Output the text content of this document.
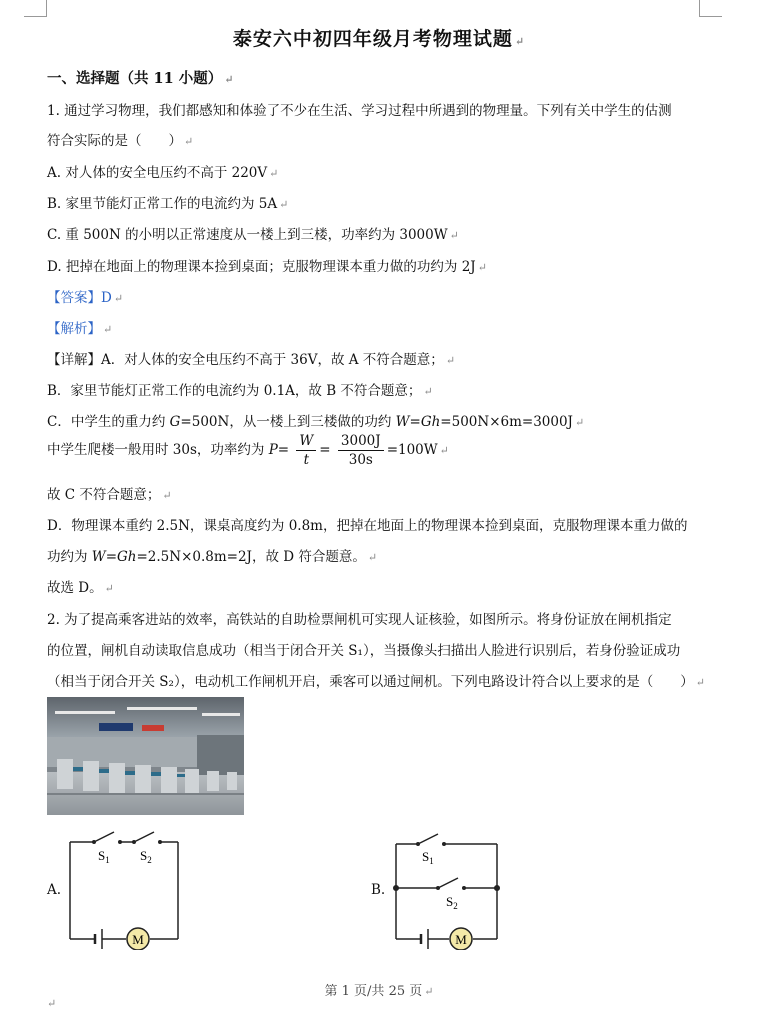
泰安六中初四年级月考物理试题 ↵
一、选择题（共 11 小题） ↵
1. 通过学习物理，我们都感知和体验了不少在生活、学习过程中所遇到的物理量。下列有关中学生的估测
符合实际的是（　　） ↵
A. 对人体的安全电压约不高于 220V ↵
B. 家里节能灯正常工作的电流约为 5A ↵
C. 重 500N 的小明以正常速度从一楼上到三楼，功率约为 3000W ↵
D. 把掉在地面上的物理课本捡到桌面；克服物理课本重力做的功约为 2J ↵
【答案】D ↵
【解析】 ↵
【详解】A．对人体的安全电压约不高于 36V，故 A 不符合题意； ↵
B．家里节能灯正常工作的电流约为 0.1A，故 B 不符合题意； ↵
C．中学生的重力约 G=500N，从一楼上到三楼做的功约 W=Gh=500N×6m=3000J ↵
中学生爬楼一般用时 30s，功率约为 $P= \frac{W}{t} = \frac{3000J}{30s} =100W$ ↵
故 C 不符合题意； ↵
D．物理课本重约 2.5N，课桌高度约为 0.8m，把掉在地面上的物理课本捡到桌面，克服物理课本重力做的
功约为 W=Gh=2.5N×0.8m=2J，故 D 符合题意。 ↵
故选 D。 ↵
2. 为了提高乘客进站的效率，高铁站的自助检票闸机可实现人证核验，如图所示。将身份证放在闸机指定
的位置，闸机自动读取信息成功（相当于闭合开关 S₁），当摄像头扫描出人脸进行识别后，若身份验证成功
（相当于闭合开关 S₂），电动机工作闸机开启，乘客可以通过闸机。下列电路设计符合以上要求的是（　　） ↵
A.
$S_1$ $S_2$
M
B.
$S_1$
$S_2$
M
第 1 页/共 25 页 ↵
↵
